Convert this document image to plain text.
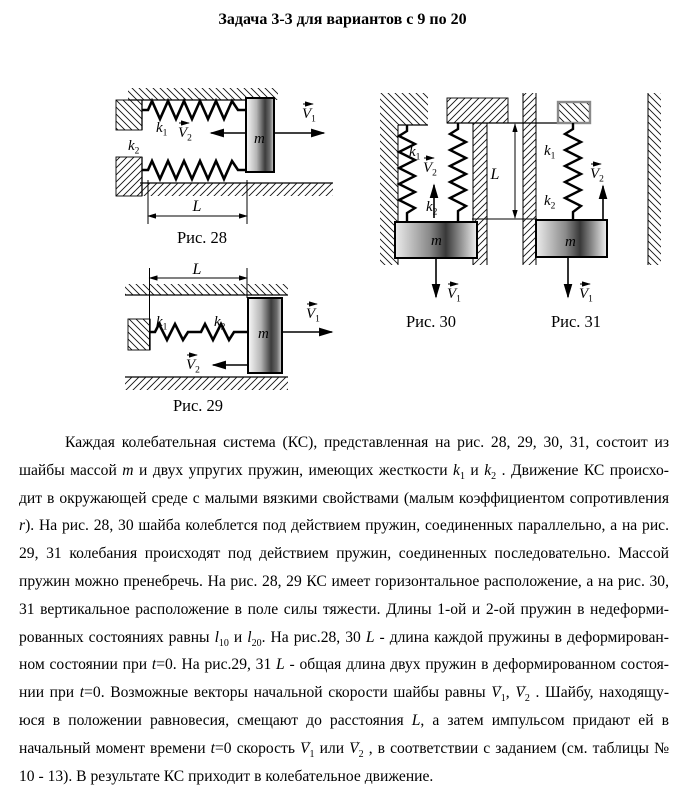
Задача 3-3 для вариантов с 9 по 20
m
$k_1$
$k_2$
$V_2$
$V_1$
L
Рис. 28
L
$k_1$	$k_2$ m
$V_1$
$V_2$
Рис. 29
$k_1$
$V_2$
$k_2$
m
$V_1$
Рис. 30
L
$k_1$
$k_2$
$V_2$
m
$V_1$
Рис. 31
Каждая колебательная система (КС), представленная на рис. 28, 29, 30, 31, состоит из
шайбы массой m и двух упругих пружин, имеющих жесткости $k_1$ и $k_2$ . Движение КС происхо-
дит в окружающей среде с малыми вязкими свойствами (малым коэффициентом сопротивления
r). На рис. 28, 30 шайба колеблется под действием пружин, соединенных параллельно, а на рис.
29, 31 колебания происходят под действием пружин, соединенных последовательно. Массой
пружин можно пренебречь. На рис. 28, 29 КС имеет горизонтальное расположение, а на рис. 30,
31 вертикальное расположение в поле силы тяжести. Длины 1-ой и 2-ой пружин в недеформи-
рованных состояниях равны $l_{10}$ и $l_{20}$. На рис.28, 30 L - длина каждой пружины в деформирован-
ном состоянии при t=0. На рис.29, 31 L - общая длина двух пружин в деформированном состоя-
нии при t=0. Возможные векторы начальной скорости шайбы равны $V \to_1$, $V \to_2$ . Шайбу, находящу-
юся в положении равновесия, смещают до расстояния L, а затем импульсом придают ей в
начальный момент времени t=0 скорость $V \to_1$ или $V \to_2$ , в соответствии с заданием (см. таблицы №
10 - 13). В результате КС приходит в колебательное движение.
